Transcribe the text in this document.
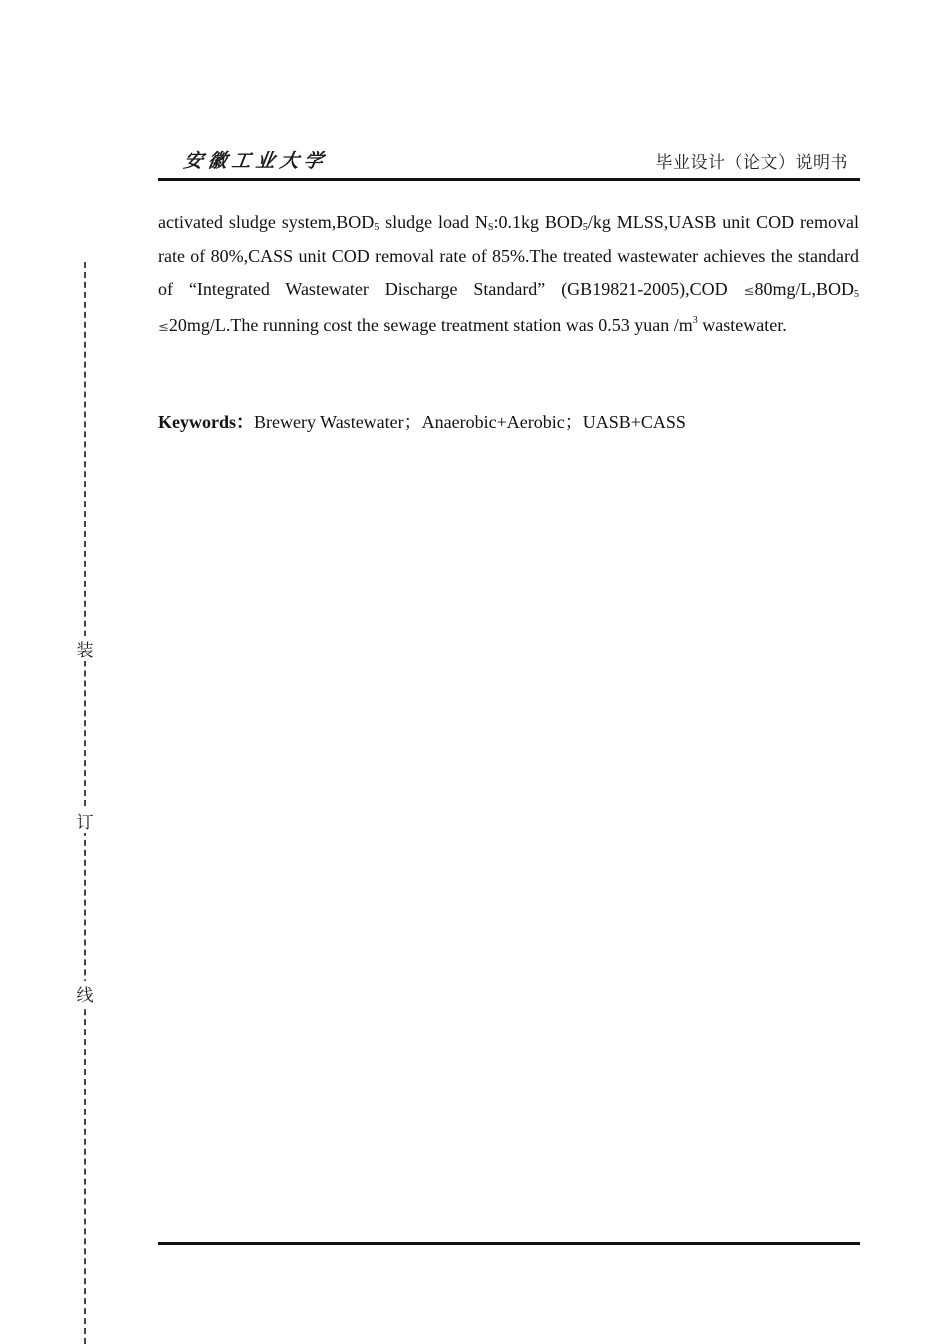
装
订
线
安徽工业大学	毕业设计（论文）说明书
activated sludge $system,BOD_5$ sludge load $N_S:0.1kg$ $BOD_5/kg$ MLSS,UASB unit COD removal rate of 80%,CASS unit COD removal rate of 85%.The treated wastewater achieves the standard of “Integrated Wastewater Discharge Standard” $(GB19821-2005),COD \le 80mg/L,BOD_5 \le 20mg/L.The$ running cost the sewage treatment station was 0.53 yuan $/m^3$ wastewater.
Keywords：Brewery Wastewater；Anaerobic+Aerobic；UASB+CASS
